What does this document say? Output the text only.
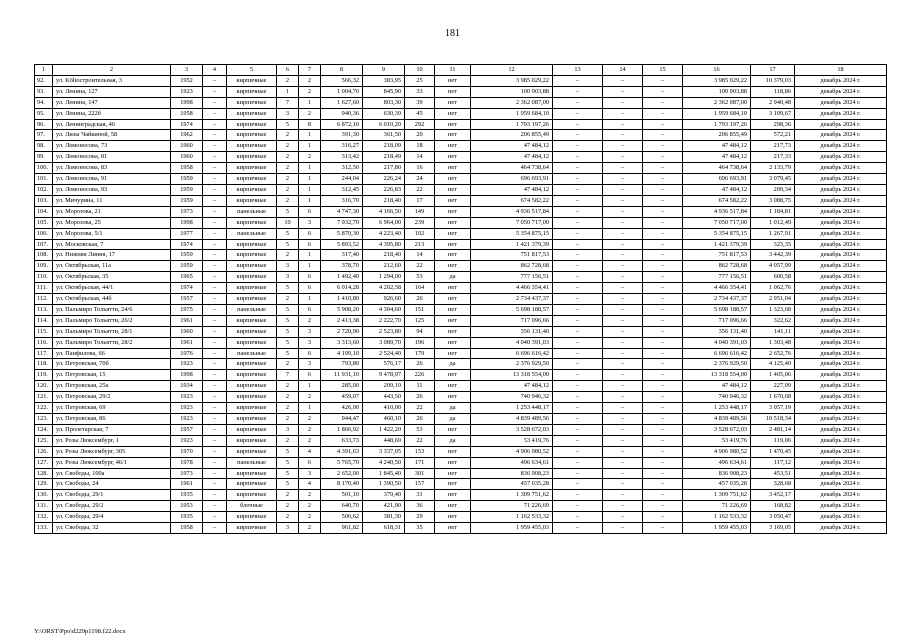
181
1	2	3	4	5	6	7	8	9	10	11	12	13	14	15	16	17	18
92.	ул. Költостроительная, 3	1952	–	кирпичные	2	2	566,32	383,95	25	нет	3 985 029,22	–	–	–	3 985 029,22	10 379,03	декабрь 2024 г.
93.	ул. Ленина, 127	1923	–	кирпичные	1	2	1 004,70	845,90	33	нет	100 903,88	–	–	–	100 903,88	118,86	декабрь 2024 г.
94.	ул. Ленина, 147	1998	–	кирпичные	7	1	1 627,60	803,30	39	нет	2 362 087,00	–	–	–	2 362 087,00	2 940,48	декабрь 2024 г.
95.	ул. Ленина, 222б	1958	–	кирпичные	3	2	940,36	630,39	45	нет	1 959 684,10	–	–	–	1 959 684,10	3 109,67	декабрь 2024 г.
96.	ул. Ленинградская, 46	1974	–	кирпичные	5	8	6 872,10	6 010,20	292	нет	1 793 197,26	–	–	–	1 793 197,26	298,36	декабрь 2024 г.
97.	ул. Лизы Чайкиной, 58	1962	–	кирпичные	2	1	391,30	361,50	20	нет	206 855,49	–	–	–	206 855,49	572,21	декабрь 2024 г.
98.	ул. Ломоносова, 73	1960	–	кирпичные	2	1	316,27	218,09	18	нет	47 484,12	–	–	–	47 484,12	217,73	декабрь 2024 г.
99.	ул. Ломоносова, 81	1960	–	кирпичные	2	2	313,42	218,49	14	нет	47 484,12	–	–	–	47 484,12	217,33	декабрь 2024 г.
100.	ул. Ломоносова, 83	1958	–	кирпичные	2	1	312,50	217,80	16	нет	464 738,64	–	–	–	464 738,64	2 133,79	декабрь 2024 г.
101.	ул. Ломоносова, 91	1959	–	кирпичные	2	1	244,04	226,24	24	нет	696 693,91	–	–	–	696 693,91	3 079,45	декабрь 2024 г.
102.	ул. Ломоносова, 93	1959	–	кирпичные	2	1	312,45	226,83	22	нет	47 484,12	–	–	–	47 484,12	209,34	декабрь 2024 г.
103.	ул. Мичурина, 11	1959	–	кирпичные	2	1	316,70	218,40	17	нет	674 582,22	–	–	–	674 582,22	3 088,75	декабрь 2024 г.
104.	ул. Морозова, 21	1973	–	панельные	5	6	4 747,30	4 166,50	149	нет	4 936 517,84	–	–	–	4 936 517,84	1 184,81	декабрь 2024 г.
105.	ул. Морозова, 25	1998	–	кирпичные	10	3	7 932,70	6 964,00	239	нет	7 050 717,00	–	–	–	7 050 717,00	1 012,49	декабрь 2024 г.
106.	ул. Морозова, 5/1	1977	–	панельные	5	6	5 870,30	4 223,40	102	нет	5 354 875,15	–	–	–	5 354 875,15	1 267,91	декабрь 2024 г.
107.	ул. Московская, 7	1974	–	кирпичные	5	6	5 893,52	4 395,80	213	нет	1 421 379,39	–	–	–	1 421 379,39	323,35	декабрь 2024 г.
108.	ул. Нижняя Линия, 17	1959	–	кирпичные	2	1	317,40	218,40	14	нет	751 817,53	–	–	–	751 817,53	3 442,39	декабрь 2024 г.
109.	ул. Октябрьская, 11а	1959	–	кирпичные	3	1	378,70	212,60	22	нет	862 728,68	–	–	–	862 728,68	4 057,99	декабрь 2024 г.
110.	ул. Октябрьская, 35	1965	–	кирпичные	3	6	1 492,40	1 294,00	53	да	777 156,51	–	–	–	777 156,51	600,58	декабрь 2024 г.
111.	ул. Октябрьская, 44/1	1974	–	кирпичные	5	6	6 014,28	4 202,58	164	нет	4 466 354,41	–	–	–	4 466 354,41	1 062,76	декабрь 2024 г.
112.	ул. Октябрьская, 44б	1957	–	кирпичные	2	1	1 410,80	926,60	26	нет	2 734 437,37	–	–	–	2 734 437,37	2 951,04	декабрь 2024 г.
113.	ул. Пальмиро Тольятти, 24/6	1975	–	панельные	5	6	5 908,20	4 304,60	151	нет	5 698 188,57	–	–	–	5 698 188,57	1 323,68	декабрь 2024 г.
114.	ул. Пальмиро Тольятти, 26/2	1961	–	кирпичные	5	2	2 413,38	2 222,70	125	нет	717 096,66	–	–	–	717 096,66	322,62	декабрь 2024 г.
115.	ул. Пальмиро Тольятти, 28/1	1960	–	кирпичные	5	3	2 720,90	2 523,80	94	нет	356 131,40	–	–	–	356 131,40	141,11	декабрь 2024 г.
116.	ул. Пальмиро Тольятти, 28/2	1961	–	кирпичные	5	3	3 313,60	3 089,70	196	нет	4 040 391,03	–	–	–	4 040 391,03	1 303,48	декабрь 2024 г.
117.	ул. Панфилова, 66	1976	–	панельные	5	6	4 199,10	2 524,40	179	нет	6 696 616,42	–	–	–	6 696 616,42	2 652,76	декабрь 2024 г.
118.	ул. Петровская, 70б	1923	–	кирпичные	2	3	793,80	576,17	26	да	2 376 929,50	–	–	–	2 376 929,50	4 125,40	декабрь 2024 г.
119.	ул. Петровская, 15	1998	–	кирпичные	7	6	11 931,10	9 478,97	226	нет	13 318 554,00	–	–	–	13 318 554,00	1 405,06	декабрь 2024 г.
120.	ул. Петровская, 25а	1934	–	кирпичные	2	1	285,00	209,10	11	нет	47 484,12	–	–	–	47 484,12	227,09	декабрь 2024 г.
121.	ул. Петровская, 29/2	1923	–	кирпичные	2	2	459,07	443,50	26	нет	740 946,32	–	–	–	740 946,32	1 670,68	декабрь 2024 г.
122.	ул. Петровская, 69	1923	–	кирпичные	2	1	426,00	410,00	22	да	1 253 448,17	–	–	–	1 253 448,17	3 057,19	декабрь 2024 г.
123.	ул. Петровская, 86	1923	–	кирпичные	2	2	944,47	460,10	26	да	4 839 489,56	–	–	–	4 839 489,56	10 518,34	декабрь 2024 г.
124.	ул. Пролетарская, 7	1957	–	кирпичные	3	2	1 866,92	1 422,20	53	нет	3 528 672,03	–	–	–	3 528 672,03	2 481,14	декабрь 2024 г.
125.	ул. Розы Люксембург, 1	1923	–	кирпичные	2	2	633,73	448,69	22	да	53 419,76	–	–	–	53 419,76	119,06	декабрь 2024 г.
126.	ул. Розы Люксембург, 305	1970	–	кирпичные	5	4	4 391,63	3 337,05	153	нет	4 906 980,52	–	–	–	4 906 980,52	1 470,45	декабрь 2024 г.
127.	ул. Розы Люксембург, 46/1	1978	–	панельные	5	6	5 765,70	4 240,50	171	нет	496 634,61	–	–	–	496 634,61	117,12	декабрь 2024 г.
128.	ул. Свободы, 100а	1973	–	кирпичные	5	3	2 652,00	1 845,40	301	нет	836 908,23	–	–	–	836 908,23	453,51	декабрь 2024 г.
129.	ул. Свободы, 24	1961	–	кирпичные	5	4	8 170,40	1 390,50	157	нет	457 035,28	–	–	–	457 035,28	328,68	декабрь 2024 г.
130.	ул. Свободы, 29/1	1935	–	кирпичные	2	2	501,10	379,40	31	нет	1 309 751,62	–	–	–	1 309 751,62	3 452,17	декабрь 2024 г.
131.	ул. Свободы, 29/2	1953	–	блочные	2	2	640,70	421,90	36	нет	71 226,69	–	–	–	71 226,69	168,82	декабрь 2024 г.
132.	ул. Свободы, 29/4	1935	–	кирпичные	2	2	506,62	381,30	29	нет	1 162 533,32	–	–	–	1 162 533,32	3 050,47	декабрь 2024 г.
133.	ул. Свободы, 32	1958	–	кирпичные	3	2	961,82	618,31	35	нет	1 959 455,03	–	–	–	1 959 455,03	3 169,05	декабрь 2024 г.
Y:\ORST\Ppo\d229p1198.f22.docx
